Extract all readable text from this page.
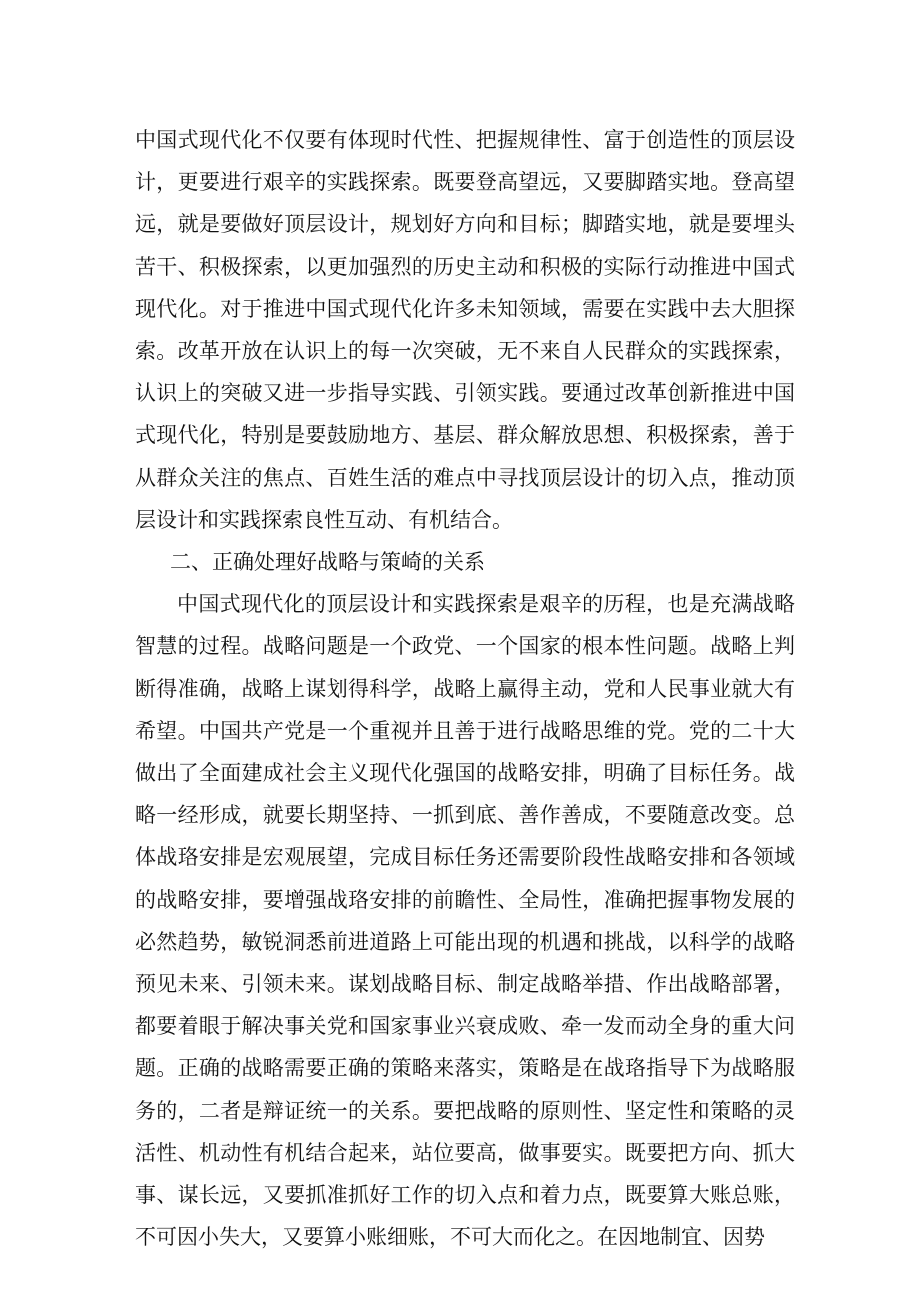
中国式现代化不仅要有体现时代性、把握规律性、富于创造性的顶层设计，更要进行艰辛的实践探索。既要登高望远，又要脚踏实地。登高望远，就是要做好顶层设计，规划好方向和目标；脚踏实地，就是要埋头苦干、积极探索，以更加强烈的历史主动和积极的实际行动推进中国式现代化。对于推进中国式现代化许多未知领域，需要在实践中去大胆探索。改革开放在认识上的每一次突破，无不来自人民群众的实践探索，认识上的突破又进一步指导实践、引领实践。要通过改革创新推进中国式现代化，特别是要鼓励地方、基层、群众解放思想、积极探索，善于从群众关注的焦点、百姓生活的难点中寻找顶层设计的切入点，推动顶层设计和实践探索良性互动、有机结合。

二、正确处理好战略与策崎的关系

中国式现代化的顶层设计和实践探索是艰辛的历程，也是充满战略智慧的过程。战略问题是一个政党、一个国家的根本性问题。战略上判断得准确，战略上谋划得科学，战略上赢得主动，党和人民事业就大有希望。中国共产党是一个重视并且善于进行战略思维的党。党的二十大做出了全面建成社会主义现代化强国的战略安排，明确了目标任务。战略一经形成，就要长期坚持、一抓到底、善作善成，不要随意改变。总体战珞安排是宏观展望，完成目标任务还需要阶段性战略安排和各领域的战略安排，要增强战珞安排的前瞻性、全局性，准确把握事物发展的必然趋势，敏锐洞悉前进道路上可能出现的机遇和挑战，以科学的战略预见未来、引领未来。谋划战略目标、制定战略举措、作出战略部署，都要着眼于解决事关党和国家事业兴衰成败、牵一发而动全身的重大问题。正确的战略需要正确的策略来落实，策略是在战珞指导下为战略服务的，二者是辩证统一的关系。要把战略的原则性、坚定性和策略的灵活性、机动性有机结合起来，站位要高，做事要实。既要把方向、抓大事、谋长远，又要抓准抓好工作的切入点和着力点，既要算大账总账，不可因小失大，又要算小账细账，不可大而化之。在因地制宜、因势
